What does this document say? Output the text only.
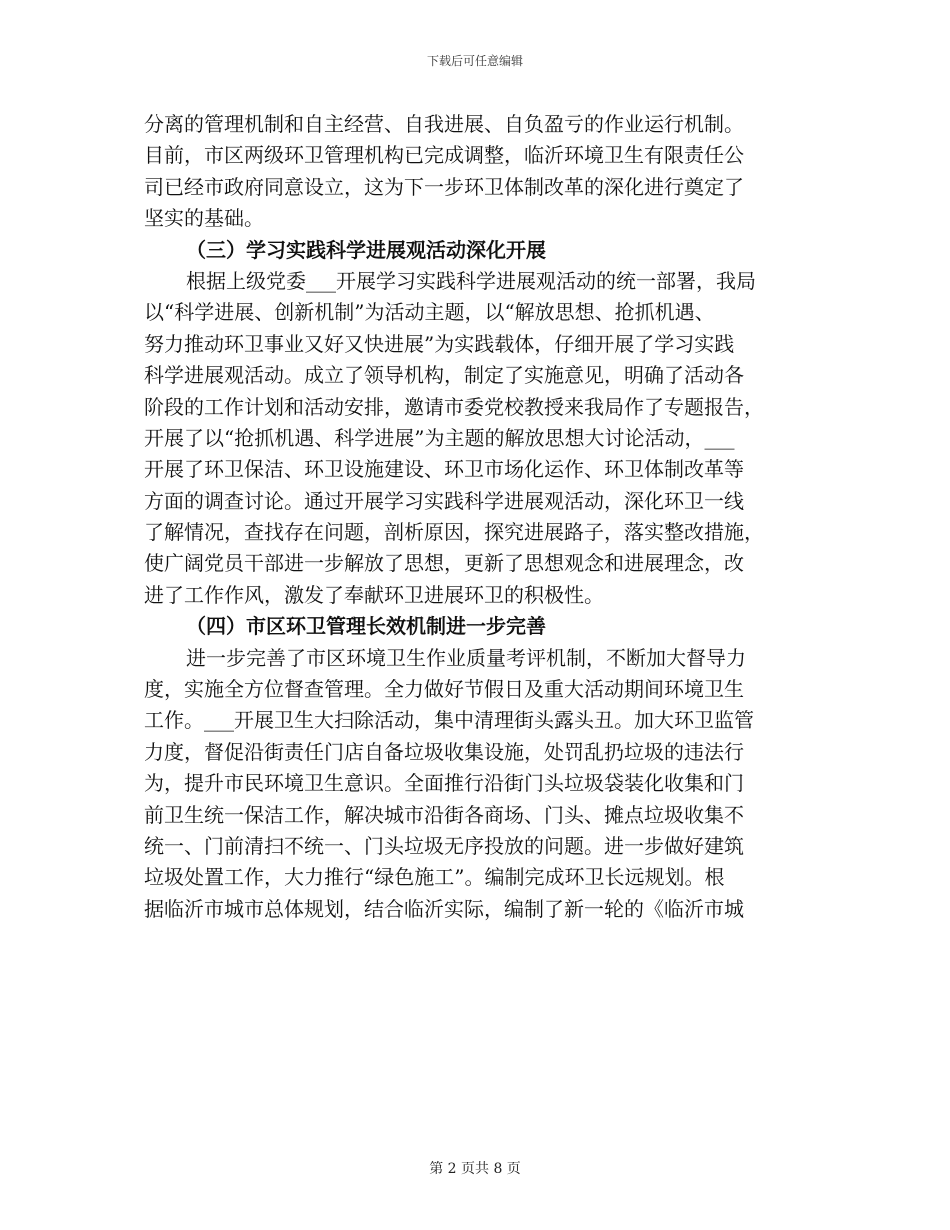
下载后可任意编辑
分离的管理机制和自主经营、自我进展、自负盈亏的作业运行机制。
目前，市区两级环卫管理机构已完成调整，临沂环境卫生有限责任公
司已经市政府同意设立，这为下一步环卫体制改革的深化进行奠定了
坚实的基础。
（三）学习实践科学进展观活动深化开展
根据上级党委___开展学习实践科学进展观活动的统一部署，我局
以“科学进展、创新机制”为活动主题，以“解放思想、抢抓机遇、
努力推动环卫事业又好又快进展”为实践载体，仔细开展了学习实践
科学进展观活动。成立了领导机构，制定了实施意见，明确了活动各
阶段的工作计划和活动安排，邀请市委党校教授来我局作了专题报告，
开展了以“抢抓机遇、科学进展”为主题的解放思想大讨论活动，___
开展了环卫保洁、环卫设施建设、环卫市场化运作、环卫体制改革等
方面的调查讨论。通过开展学习实践科学进展观活动，深化环卫一线
了解情况，查找存在问题，剖析原因，探究进展路子，落实整改措施，
使广阔党员干部进一步解放了思想，更新了思想观念和进展理念，改
进了工作作风，激发了奉献环卫进展环卫的积极性。
（四）市区环卫管理长效机制进一步完善
进一步完善了市区环境卫生作业质量考评机制，不断加大督导力
度，实施全方位督查管理。全力做好节假日及重大活动期间环境卫生
工作。___开展卫生大扫除活动，集中清理街头露头丑。加大环卫监管
力度，督促沿街责任门店自备垃圾收集设施，处罚乱扔垃圾的违法行
为，提升市民环境卫生意识。全面推行沿街门头垃圾袋装化收集和门
前卫生统一保洁工作，解决城市沿街各商场、门头、摊点垃圾收集不
统一、门前清扫不统一、门头垃圾无序投放的问题。进一步做好建筑
垃圾处置工作，大力推行“绿色施工”。编制完成环卫长远规划。根
据临沂市城市总体规划，结合临沂实际，编制了新一轮的《临沂市城
第 2 页共 8 页
